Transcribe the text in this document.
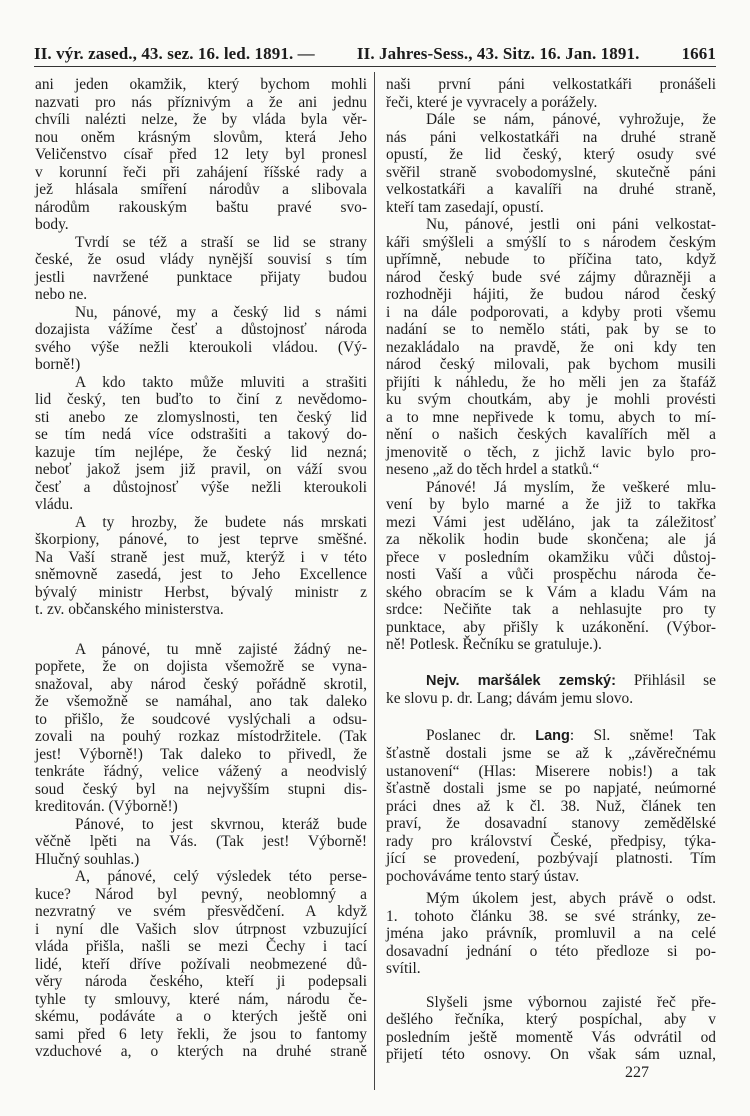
II. výr. zased., 43. sez. 16. led. 1891. — II. Jahres-Sess., 43. Sitz. 16. Jan. 1891. 1661
ani jeden okamžik, který bychom mohli
nazvati pro nás příznivým a že ani jednu
chvíli nalézti nelze, že by vláda byla věr-
nou oněm krásným slovům, která Jeho
Veličenstvo císař před 12 lety byl pronesl
v korunní řeči při zahájení říšské rady a
jež hlásala smíření národův a slibovala
národům rakouským baštu pravé svo-
body.
Tvrdí se též a straší se lid se strany
české, že osud vlády nynější souvisí s tím
jestli navržené punktace přijaty budou
nebo ne.
Nu, pánové, my a český lid s námi
dozajista vážíme česť a důstojnosť národa
svého výše nežli kteroukoli vládou. (Vý-
borně!)
A kdo takto může mluviti a strašiti
lid český, ten buďto to činí z nevědomo-
sti anebo ze zlomyslnosti, ten český lid
se tím nedá více odstrašiti a takový do-
kazuje tím nejlépe, že český lid nezná;
neboť jakož jsem již pravil, on váží svou
česť a důstojnosť výše nežli kteroukoli
vládu.
A ty hrozby, že budete nás mrskati
škorpiony, pánové, to jest teprve směšné.
Na Vaší straně jest muž, kterýž i v této
sněmovně zasedá, jest to Jeho Excellence
bývalý ministr Herbst, bývalý ministr z
t. zv. občanského ministerstva.
A pánové, tu mně zajisté žádný ne-
popřete, že on dojista všemožrě se vyna-
snažoval, aby národ český pořádně skrotil,
že všemožně se namáhal, ano tak daleko
to přišlo, že soudcové vyslýchali a odsu-
zovali na pouhý rozkaz místodržitele. (Tak
jest! Výborně!) Tak daleko to přivedl, že
tenkráte řádný, velice vážený a neodvislý
soud český byl na nejvyšším stupni dis-
kreditován. (Výborně!)
Pánové, to jest skvrnou, kteráž bude
věčně lpěti na Vás. (Tak jest! Výborně!
Hlučný souhlas.)
A, pánové, celý výsledek této perse-
kuce? Národ byl pevný, neoblomný a
nezvratný ve svém přesvědčení. A když
i nyní dle Vašich slov útrpnost vzbuzující
vláda přišla, našli se mezi Čechy i tací
lidé, kteří dříve požívali neobmezené dů-
věry národa českého, kteří ji podepsali
tyhle ty smlouvy, které nám, národu če-
skému, podáváte a o kterých ještě oni
sami před 6 lety řekli, že jsou to fantomy
vzduchové a, o kterých na druhé straně
naši první páni velkostatkáři pronášeli
řeči, které je vyvracely a porážely.
Dále se nám, pánové, vyhrožuje, že
nás páni velkostatkáři na druhé straně
opustí, že lid český, který osudy své
svěřil straně svobodomyslné, skutečně páni
velkostatkáři a kavalíři na druhé straně,
kteří tam zasedají, opustí.
Nu, pánové, jestli oni páni velkostat-
káři smýšleli a smýšlí to s národem českým
upřímně, nebude to příčina tato, když
národ český bude své zájmy důrazněji a
rozhodněji hájiti, že budou národ český
i na dále podporovati, a kdyby proti všemu
nadání se to nemělo státi, pak by se to
nezakládalo na pravdě, že oni kdy ten
národ český milovali, pak bychom musili
přijíti k náhledu, že ho měli jen za štafáž
ku svým choutkám, aby je mohli provésti
a to mne nepřivede k tomu, abych to mí-
nění o našich českých kavalířích měl a
jmenovitě o těch, z jichž lavic bylo pro-
neseno „až do těch hrdel a statků.“
Pánové! Já myslím, že veškeré mlu-
vení by bylo marné a že již to takřka
mezi Vámi jest uděláno, jak ta záležitosť
za několik hodin bude skončena; ale já
přece v posledním okamžiku vůči důstoj-
nosti Vaší a vůči prospěchu národa če-
ského obracím se k Vám a kladu Vám na
srdce: Nečiňte tak a nehlasujte pro ty
punktace, aby přišly k uzákonění. (Výbor-
ně! Potlesk. Řečníku se gratuluje.).
Nejv. maršálek zemský: Přihlásil se
ke slovu p. dr. Lang; dávám jemu slovo.
Poslanec dr. Lang: Sl. sněme! Tak
šťastně dostali jsme se až k „závěrečnému
ustanovení“ (Hlas: Miserere nobis!) a tak
šťastně dostali jsme se po napjaté, neúmorné
práci dnes až k čl. 38. Nuž, článek ten
praví, že dosavadní stanovy zemědělské
rady pro království České, předpisy, týka-
jící se provedení, pozbývají platnosti. Tím
pochováváme tento starý ústav.
Mým úkolem jest, abych právě o odst.
1. tohoto článku 38. se své stránky, ze-
jména jako právník, promluvil a na celé
dosavadní jednání o této předloze si po-
svítil.
Slyšeli jsme výbornou zajisté řeč pře-
dešlého řečníka, který pospíchal, aby v
posledním ještě momentě Vás odvrátil od
přijetí této osnovy. On však sám uznal,
227
